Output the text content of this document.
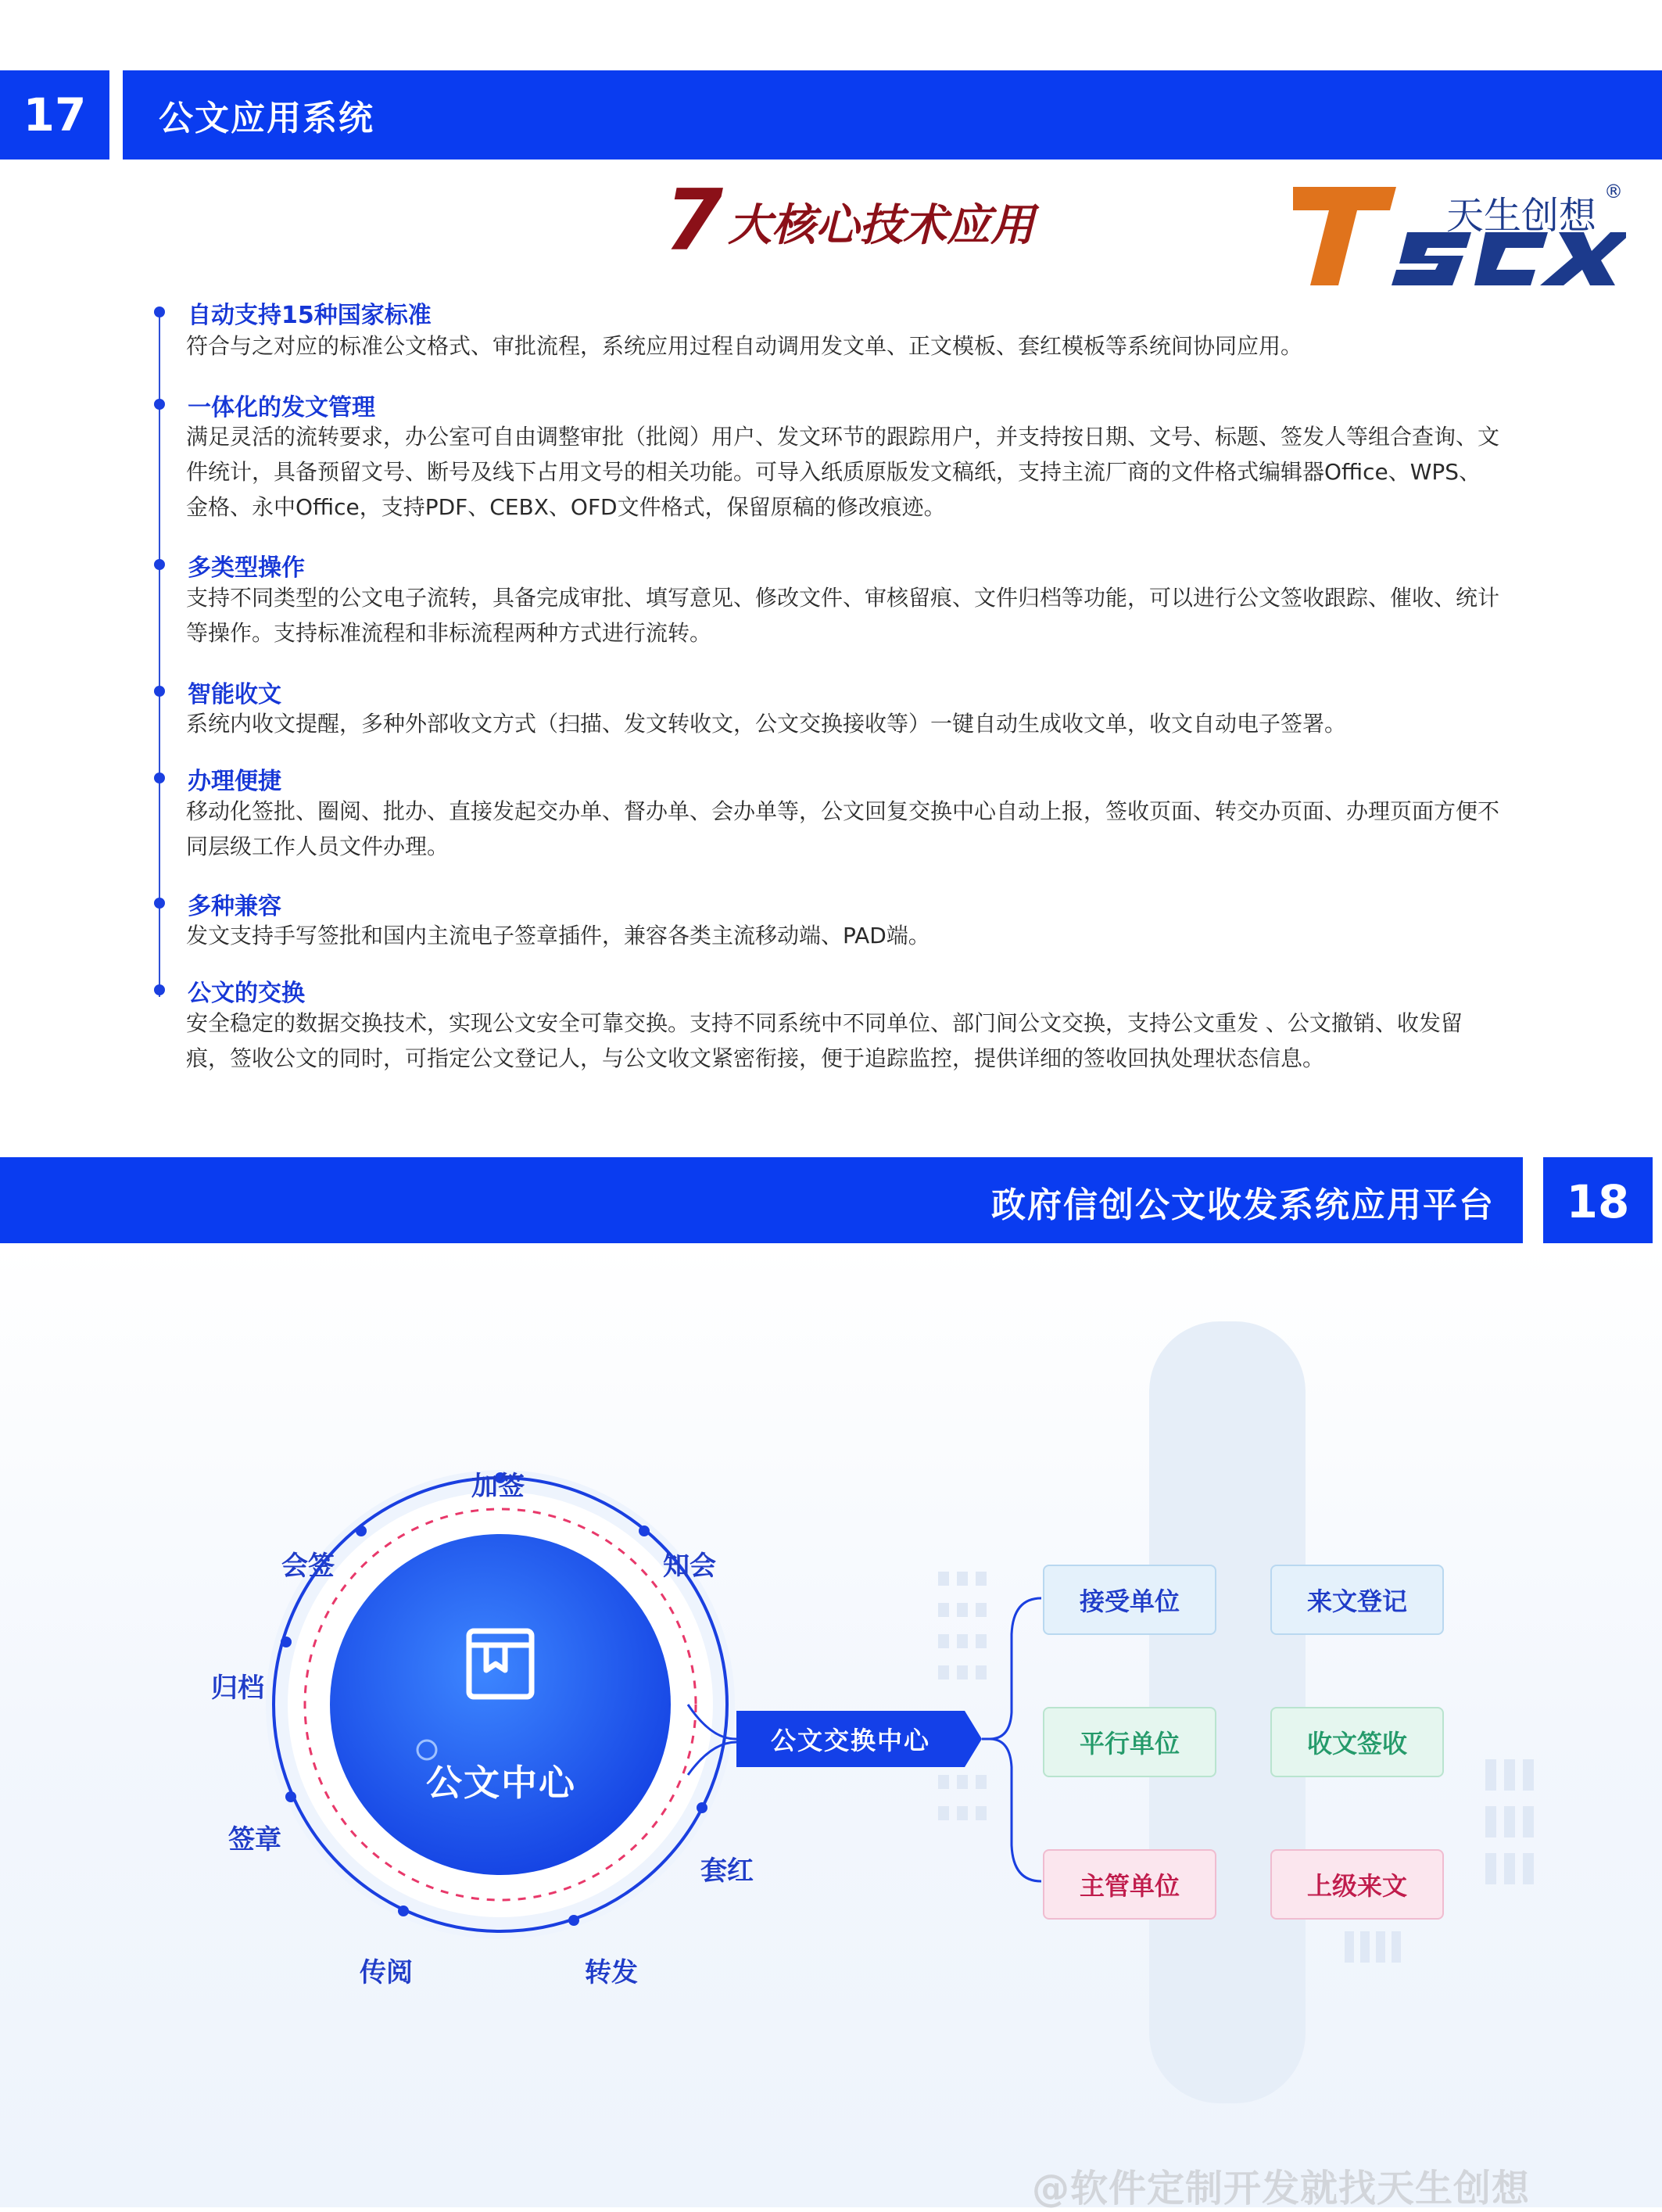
17	公文应用系统
7 大核心技术应用	天生创想
®
自动支持15种国家标准
符合与之对应的标准公文格式、审批流程，系统应用过程自动调用发文单、正文模板、套红模板等系统间协同应用。
一体化的发文管理
满足灵活的流转要求，办公室可自由调整审批（批阅）用户、发文环节的跟踪用户，并支持按日期、文号、标题、签发人等组合查询、文件统计，具备预留文号、断号及线下占用文号的相关功能。可导入纸质原版发文稿纸，支持主流厂商的文件格式编辑器Office、WPS、金格、永中Office，支持PDF、CEBX、OFD文件格式，保留原稿的修改痕迹。
多类型操作
支持不同类型的公文电子流转，具备完成审批、填写意见、修改文件、审核留痕、文件归档等功能，可以进行公文签收跟踪、催收、统计等操作。支持标准流程和非标流程两种方式进行流转。
智能收文
系统内收文提醒，多种外部收文方式（扫描、发文转收文，公文交换接收等）一键自动生成收文单，收文自动电子签署。
办理便捷
移动化签批、圈阅、批办、直接发起交办单、督办单、会办单等，公文回复交换中心自动上报，签收页面、转交办页面、办理页面方便不同层级工作人员文件办理。
多种兼容
发文支持手写签批和国内主流电子签章插件，兼容各类主流移动端、PAD端。
公文的交换
安全稳定的数据交换技术，实现公文安全可靠交换。支持不同系统中不同单位、部门间公文交换，支持公文重发 、公文撤销、收发留痕，签收公文的同时，可指定公文登记人，与公文收文紧密衔接，便于追踪监控，提供详细的签收回执处理状态信息。
政府信创公文收发系统应用平台	18
公文中心
加签
知会
套红
转发
传阅
签章
归档
会签
公文交换中心
接受单位	来文登记
平行单位	收文签收
主管单位	上级来文
@软件定制开发就找天生创想
